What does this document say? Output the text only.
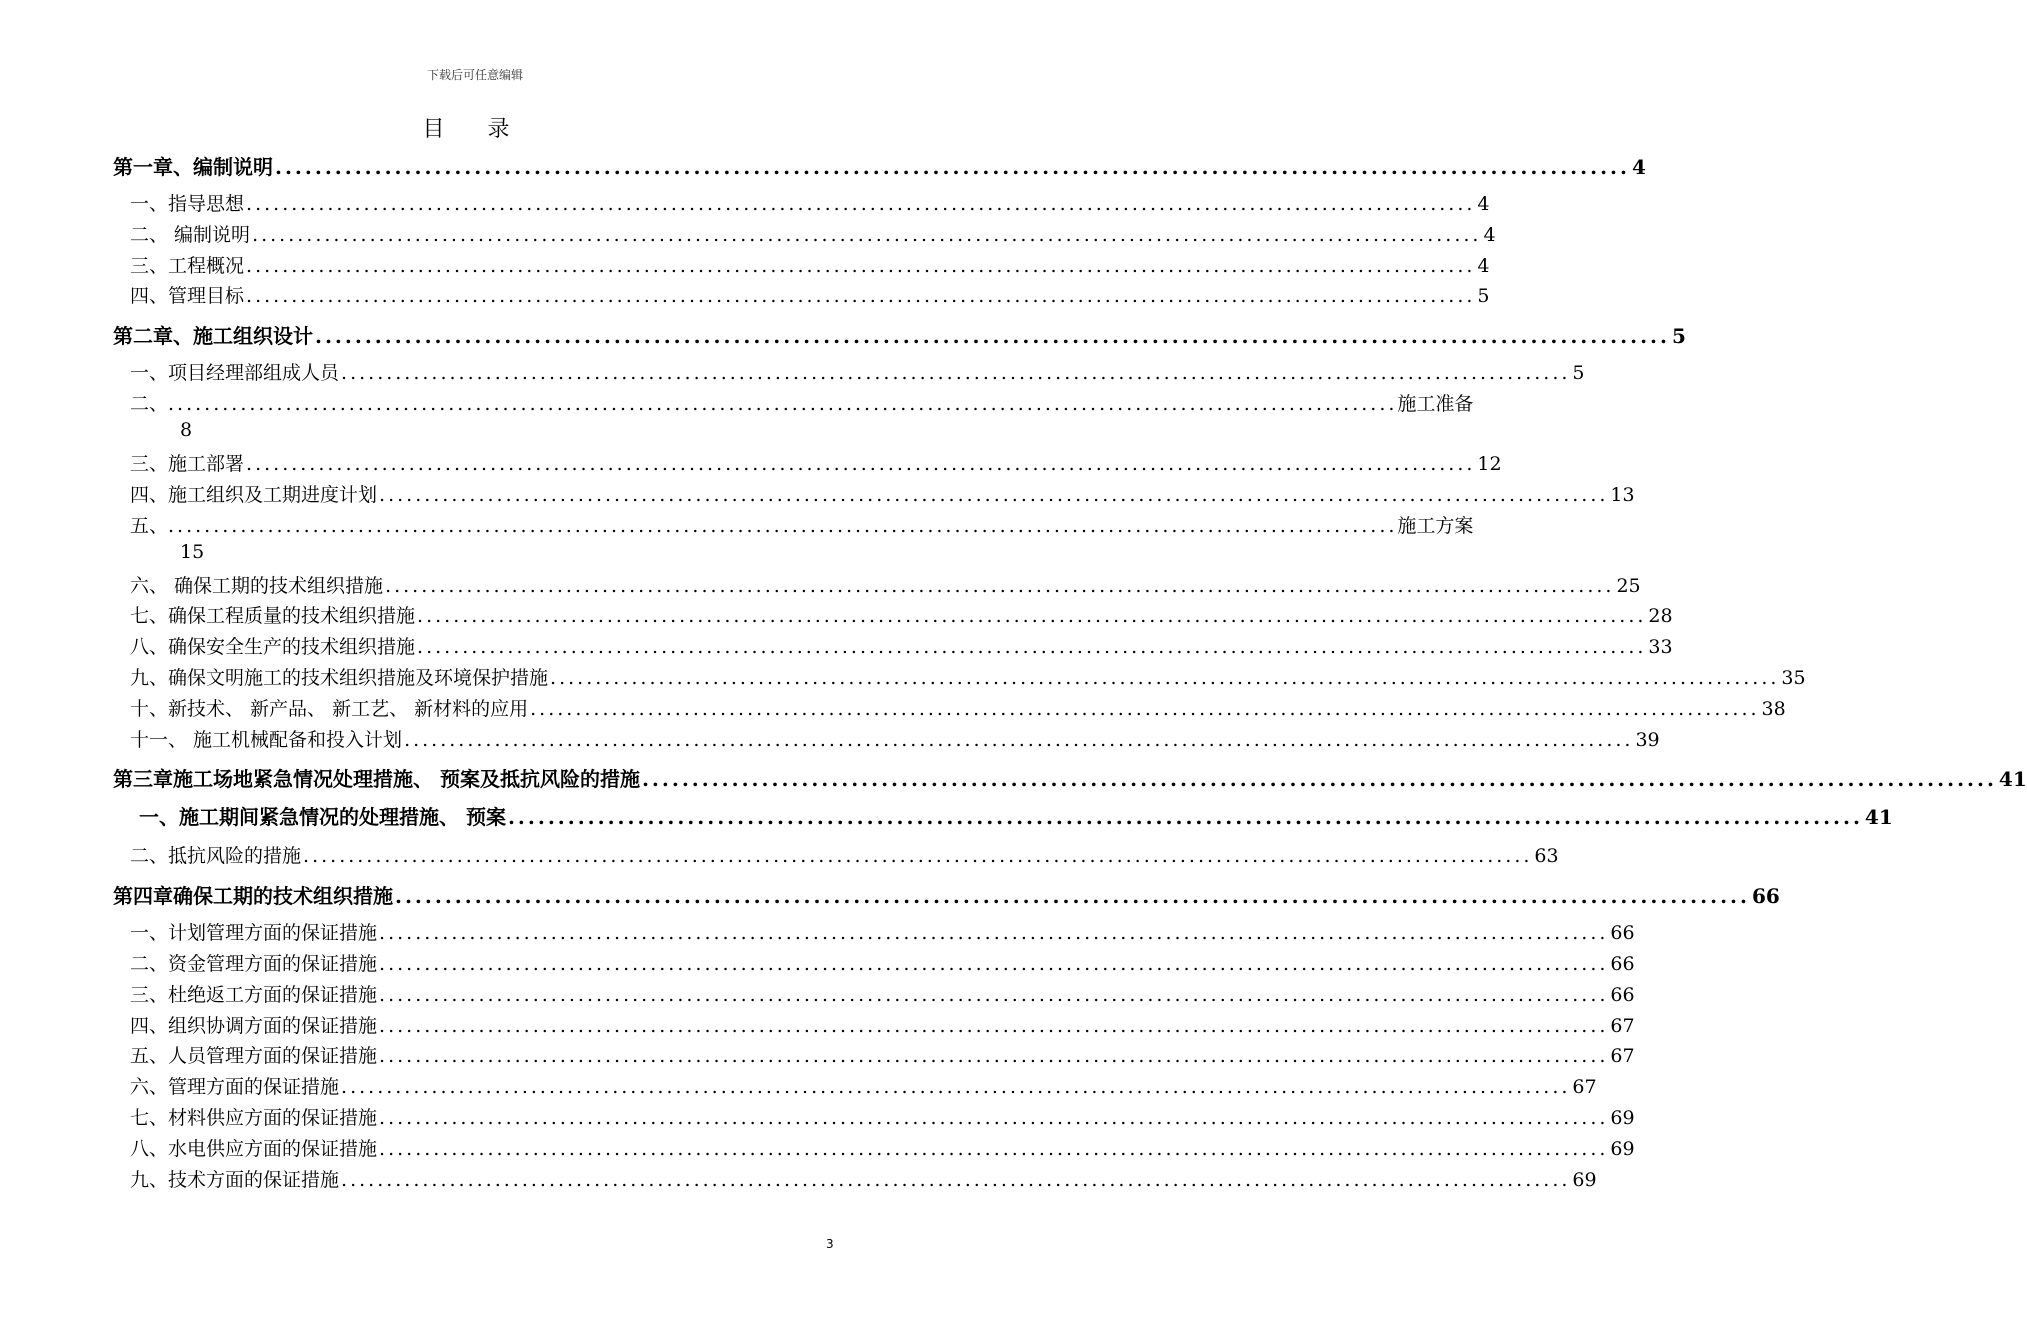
下载后可任意编辑
目 录
第一章、 编制说明 ........................................................................................................................................ 4
一、 指导思想 ........................................................................................................................................ 4
二、 编制说明 ........................................................................................................................................ 4
三、 工程概况 ........................................................................................................................................ 4
四、 管理目标 ........................................................................................................................................ 5
第二章、 施工组织设计 ........................................................................................................................................ 5
一、 项目经理部组成人员 ........................................................................................................................................ 5
二、 ........................................................................................................................................ 施工准备
8
三、 施工部署 ........................................................................................................................................ 12
四、 施工组织及工期进度计划 ........................................................................................................................................ 13
五、 ........................................................................................................................................ 施工方案
15
六、 确保工期的技术组织措施 ........................................................................................................................................ 25
七、 确保工程质量的技术组织措施 ........................................................................................................................................ 28
八、 确保安全生产的技术组织措施 ........................................................................................................................................ 33
九、 确保文明施工的技术组织措施及环境保护措施 ........................................................................................................................................ 35
十、 新技术、 新产品、 新工艺、 新材料的应用 ........................................................................................................................................ 38
十一、 施工机械配备和投入计划 ........................................................................................................................................ 39
第三章 施工场地紧急情况处理措施、 预案及抵抗风险的措施 ........................................................................................................................................ 41
一、 施工期间紧急情况的处理措施、 预案 ........................................................................................................................................ 41
二、 抵抗风险的措施 ........................................................................................................................................ 63
第四章 确保工期的技术组织措施 ........................................................................................................................................ 66
一、 计划管理方面的保证措施 ........................................................................................................................................ 66
二、 资金管理方面的保证措施 ........................................................................................................................................ 66
三、 杜绝返工方面的保证措施 ........................................................................................................................................ 66
四、 组织协调方面的保证措施 ........................................................................................................................................ 67
五、 人员管理方面的保证措施 ........................................................................................................................................ 67
六、 管理方面的保证措施 ........................................................................................................................................ 67
七、 材料供应方面的保证措施 ........................................................................................................................................ 69
八、 水电供应方面的保证措施 ........................................................................................................................................ 69
九、 技术方面的保证措施 ........................................................................................................................................ 69
3
